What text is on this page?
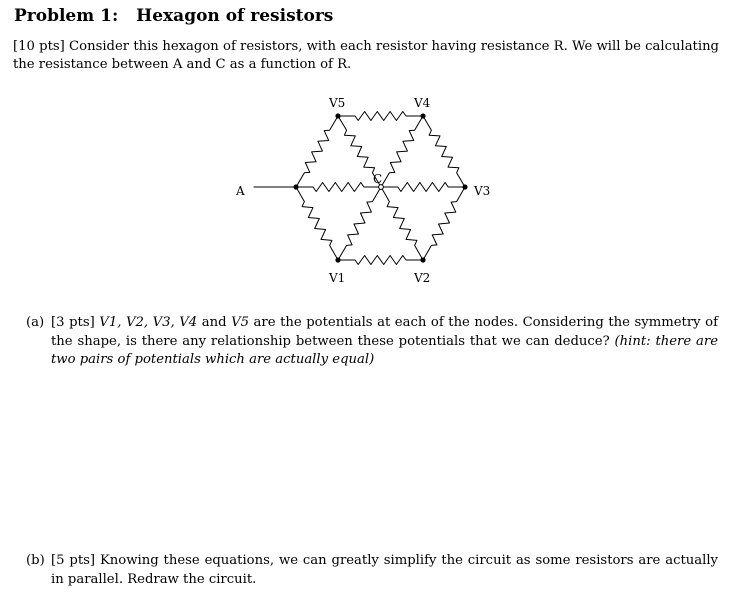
Problem 1: Hexagon of resistors
[10 pts] Consider this hexagon of resistors, with each resistor having resistance R. We will be calculating the resistance between A and C as a function of R.
V5	V4
A
C
V3
V1	V2
(a) [3 pts] V1, V2, V3, V4 and V5 are the potentials at each of the nodes. Considering the symmetry of the shape, is there any relationship between these potentials that we can deduce? (hint: there are two pairs of potentials which are actually equal)
(b) [5 pts] Knowing these equations, we can greatly simplify the circuit as some resistors are actually in parallel. Redraw the circuit.
